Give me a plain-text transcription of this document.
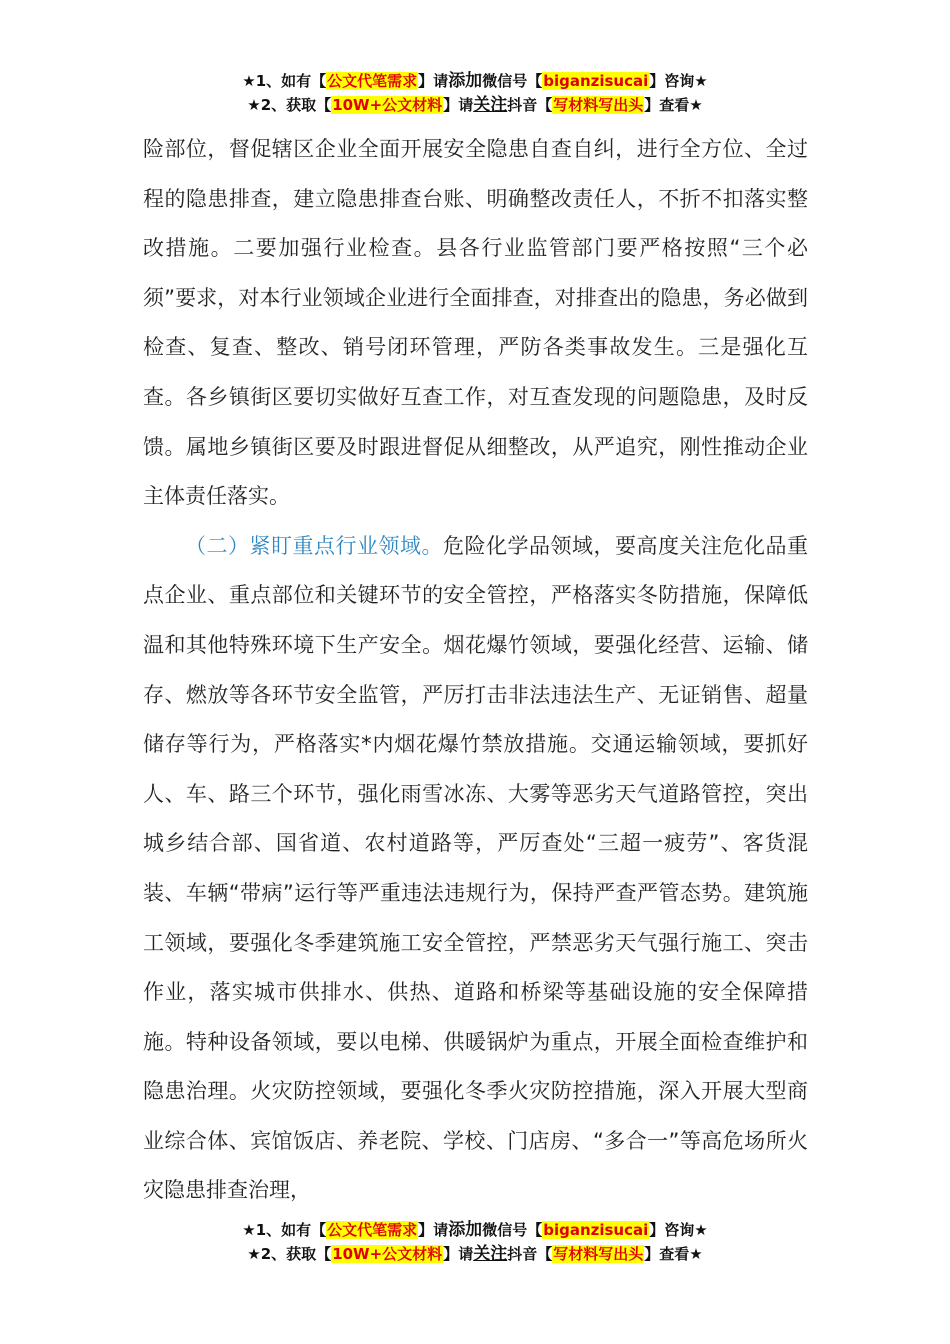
★1、如有【公文代笔需求】请添加微信号【biganzisucai】咨询★
★2、获取【10W+公文材料】请关注抖音【写材料写出头】查看★

险部位，督促辖区企业全面开展安全隐患自查自纠，进行全方位、全过程的隐患排查，建立隐患排查台账、明确整改责任人，不折不扣落实整改措施。二要加强行业检查。县各行业监管部门要严格按照“三个必须”要求，对本行业领域企业进行全面排查，对排查出的隐患，务必做到检查、复查、整改、销号闭环管理，严防各类事故发生。三是强化互查。各乡镇街区要切实做好互查工作，对互查发现的问题隐患，及时反馈。属地乡镇街区要及时跟进督促从细整改，从严追究，刚性推动企业主体责任落实。

（二）紧盯重点行业领域。危险化学品领域，要高度关注危化品重点企业、重点部位和关键环节的安全管控，严格落实冬防措施，保障低温和其他特殊环境下生产安全。烟花爆竹领域，要强化经营、运输、储存、燃放等各环节安全监管，严厉打击非法违法生产、无证销售、超量储存等行为，严格落实*内烟花爆竹禁放措施。交通运输领域，要抓好人、车、路三个环节，强化雨雪冰冻、大雾等恶劣天气道路管控，突出城乡结合部、国省道、农村道路等，严厉查处“三超一疲劳”、客货混装、车辆“带病”运行等严重违法违规行为，保持严查严管态势。建筑施工领域，要强化冬季建筑施工安全管控，严禁恶劣天气强行施工、突击作业，落实城市供排水、供热、道路和桥梁等基础设施的安全保障措施。特种设备领域，要以电梯、供暖锅炉为重点，开展全面检查维护和隐患治理。火灾防控领域，要强化冬季火灾防控措施，深入开展大型商业综合体、宾馆饭店、养老院、学校、门店房、“多合一”等高危场所火灾隐患排查治理，

★1、如有【公文代笔需求】请添加微信号【biganzisucai】咨询★
★2、获取【10W+公文材料】请关注抖音【写材料写出头】查看★
